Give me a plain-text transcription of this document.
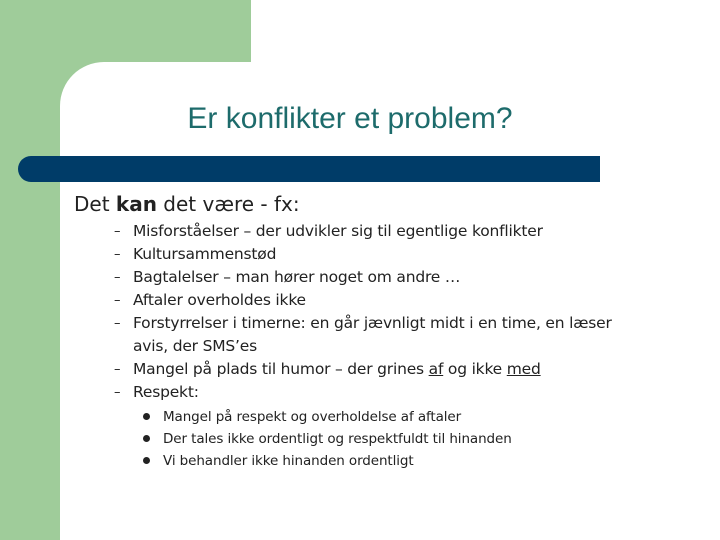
Er konflikter et problem?

Det kan det være - fx:

– Misforståelser – der udvikler sig til egentlige konflikter
– Kultursammenstød
– Bagtalelser – man hører noget om andre …
– Aftaler overholdes ikke
– Forstyrrelser i timerne: en går jævnligt midt i en time, en læser avis, der SMS’es
– Mangel på plads til humor – der grines af og ikke med
– Respekt:
Mangel på respekt og overholdelse af aftaler
Der tales ikke ordentligt og respektfuldt til hinanden
Vi behandler ikke hinanden ordentligt
